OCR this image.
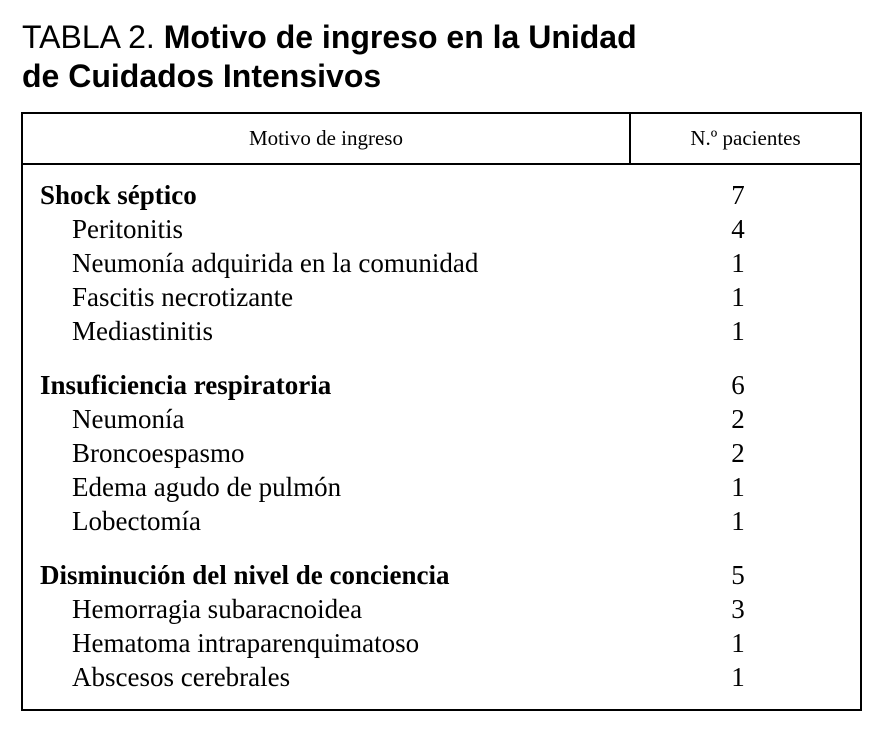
TABLA 2. Motivo de ingreso en la Unidad
de Cuidados Intensivos
Motivo de ingreso	N.º pacientes
Shock séptico	7
Peritonitis	4
Neumonía adquirida en la comunidad	1
Fascitis necrotizante	1
Mediastinitis	1
Insuficiencia respiratoria	6
Neumonía	2
Broncoespasmo	2
Edema agudo de pulmón	1
Lobectomía	1
Disminución del nivel de conciencia	5
Hemorragia subaracnoidea	3
Hematoma intraparenquimatoso	1
Abscesos cerebrales	1
